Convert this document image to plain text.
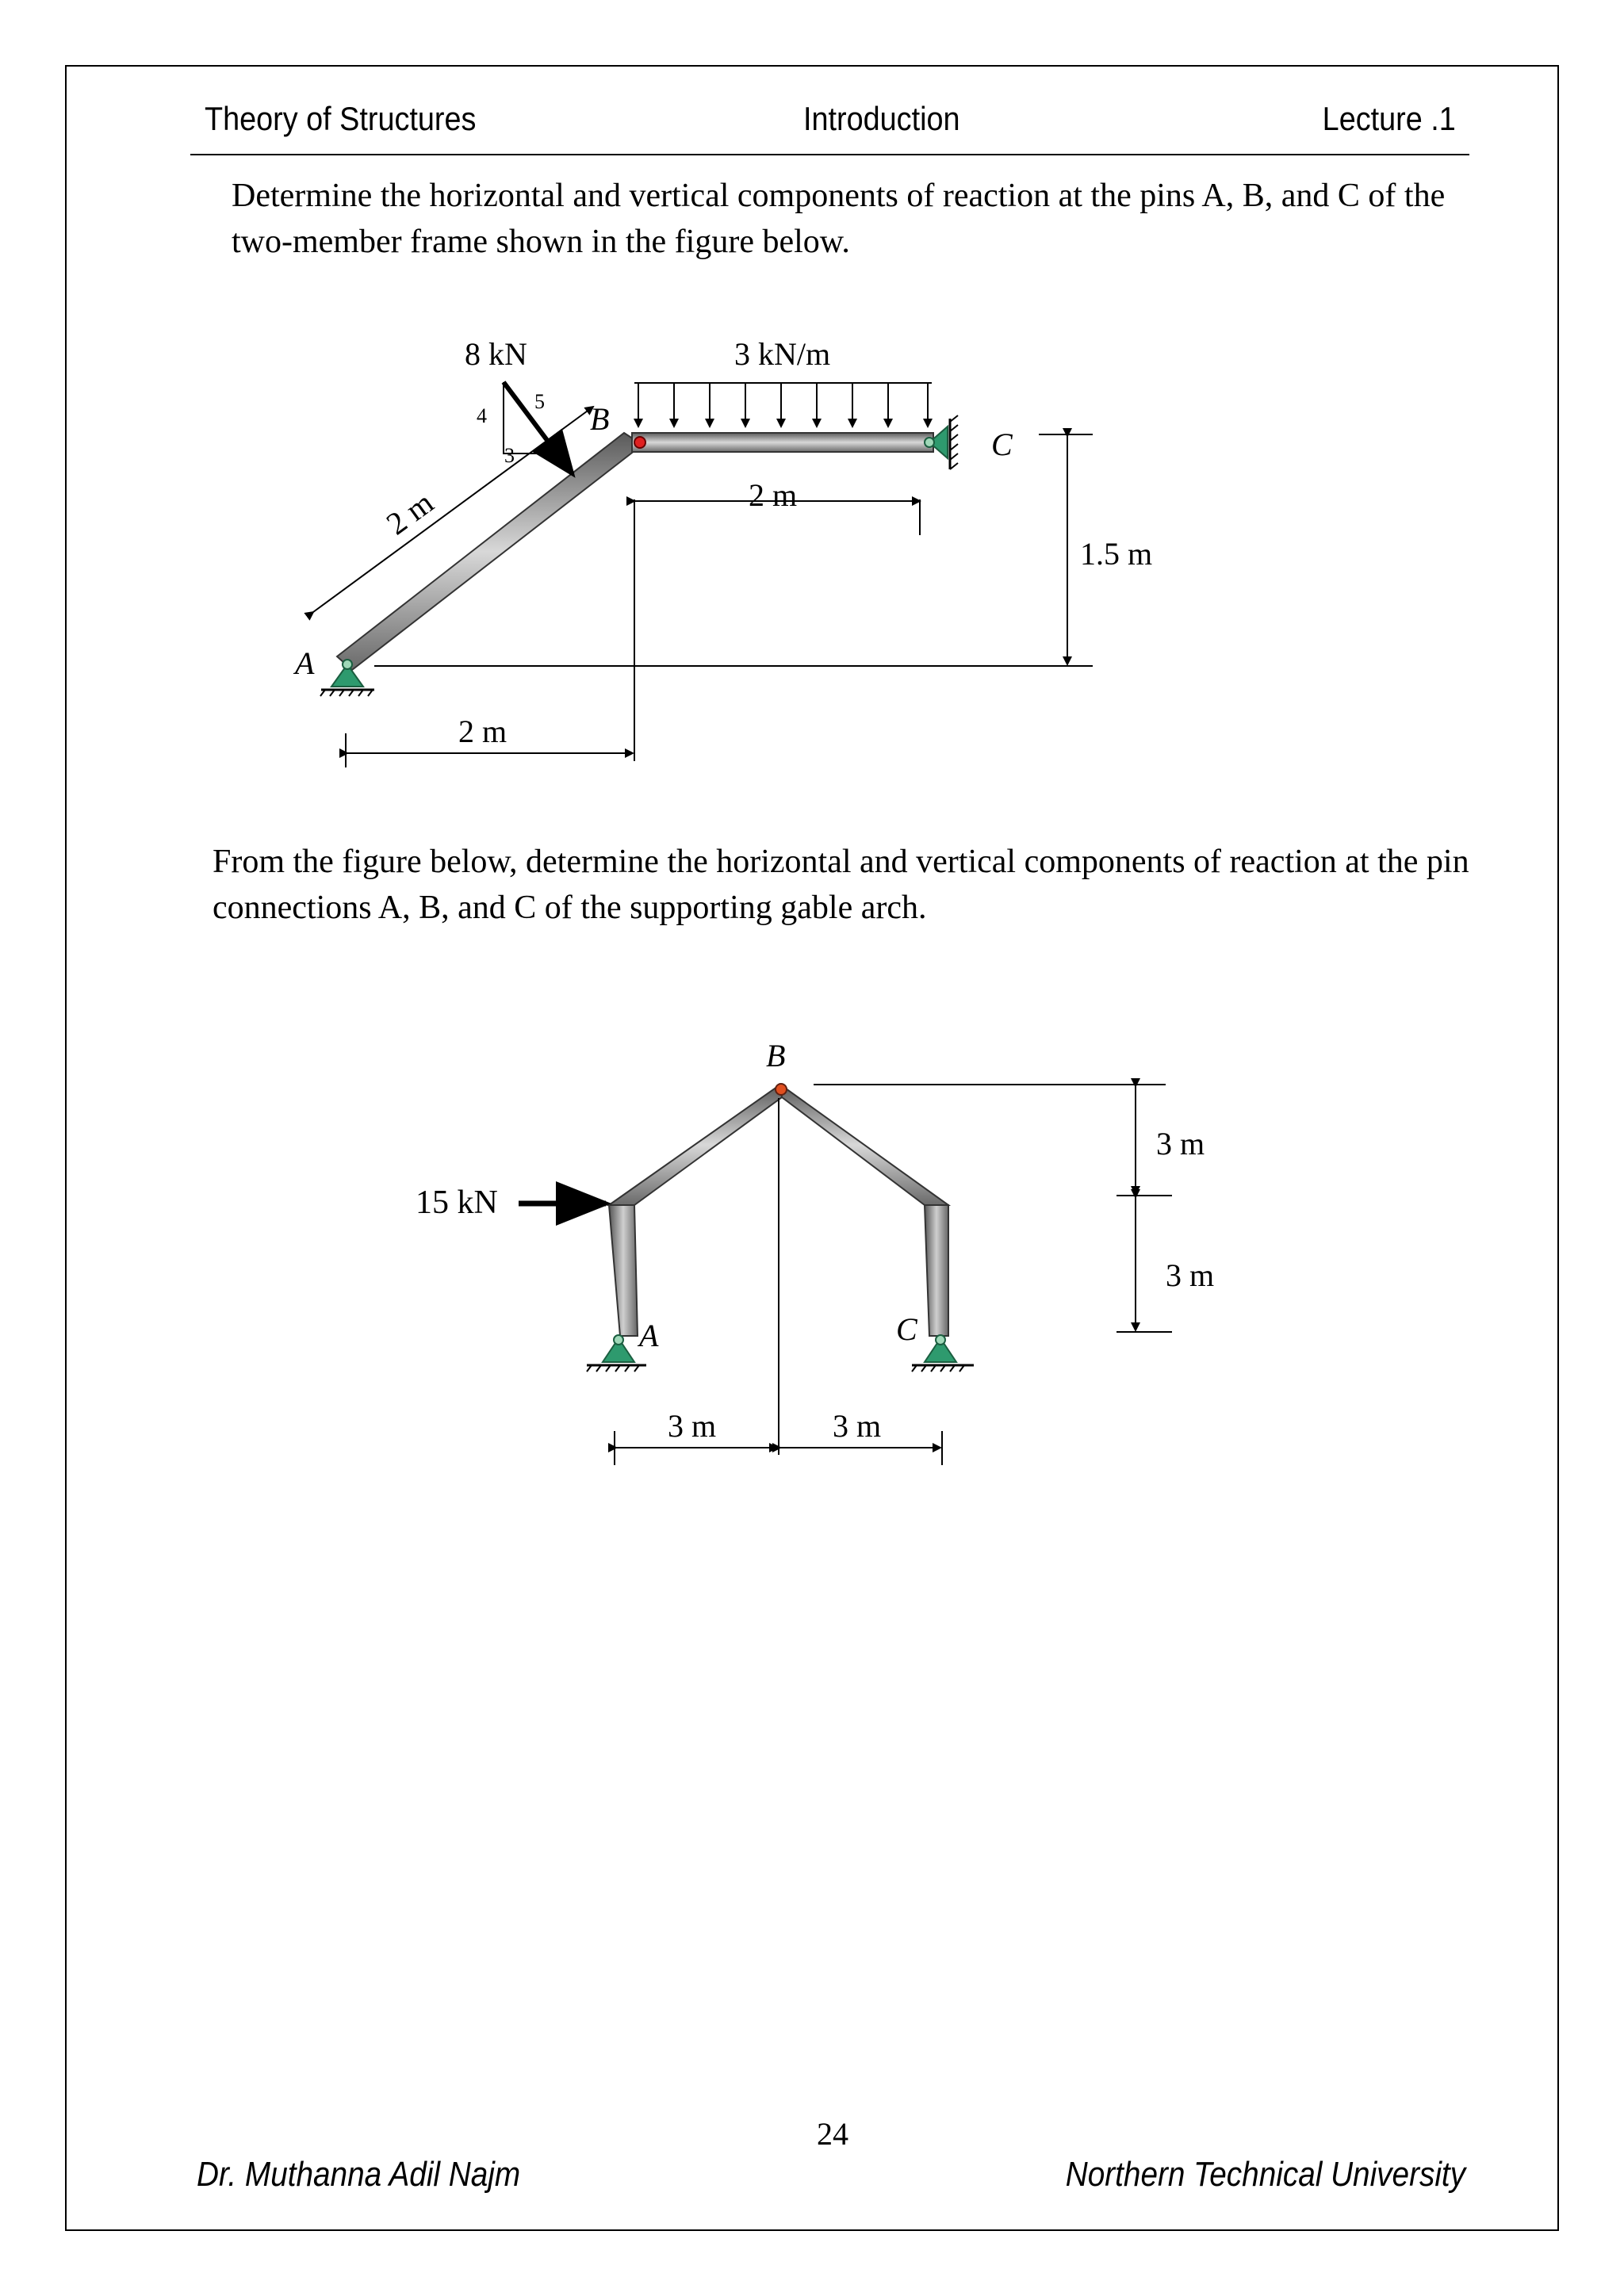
Theory of Structures	Introduction	Lecture .1

Determine the horizontal and vertical components of reaction at the pins A, B, and C of the two-member frame shown in the figure below.

8 kN
4
5
3
B
C
A
3 kN/m
2 m
2 m
1.5 m
2 m
B
15 kN
A	C
3 m
3 m
3 m	3 m

From the figure below, determine the horizontal and vertical components of reaction at the pin connections A, B, and C of the supporting gable arch.

24
Dr. Muthanna Adil Najm	Northern Technical University
